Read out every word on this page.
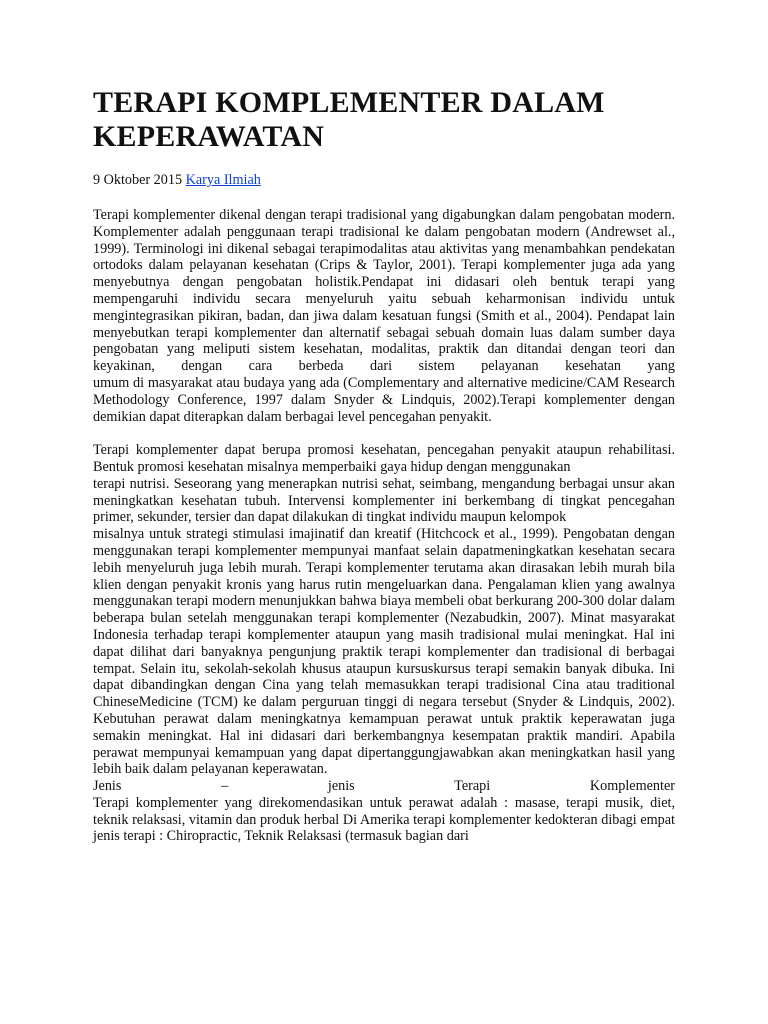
TERAPI KOMPLEMENTER DALAM KEPERAWATAN
9 Oktober 2015 Karya Ilmiah

Terapi komplementer dikenal dengan terapi tradisional yang digabungkan dalam pengobatan modern. Komplementer adalah penggunaan terapi tradisional ke dalam pengobatan modern (Andrewset al., 1999). Terminologi ini dikenal sebagai terapimodalitas atau aktivitas yang menambahkan pendekatan ortodoks dalam pelayanan kesehatan (Crips & Taylor, 2001). Terapi komplementer juga ada yang menyebutnya dengan pengobatan holistik.Pendapat ini didasari oleh bentuk terapi yang mempengaruhi individu secara menyeluruh yaitu sebuah keharmonisan individu untuk mengintegrasikan pikiran, badan, dan jiwa dalam kesatuan fungsi (Smith et al., 2004). Pendapat lain menyebutkan terapi komplementer dan alternatif sebagai sebuah domain luas dalam sumber daya pengobatan yang meliputi sistem kesehatan, modalitas, praktik dan ditandai dengan teori dan keyakinan, dengan cara berbeda dari sistem pelayanan kesehatan yang

umum di masyarakat atau budaya yang ada (Complementary and alternative medicine/CAM Research Methodology Conference, 1997 dalam Snyder & Lindquis, 2002).Terapi komplementer dengan demikian dapat diterapkan dalam berbagai level pencegahan penyakit.

Terapi komplementer dapat berupa promosi kesehatan, pencegahan penyakit ataupun rehabilitasi. Bentuk promosi kesehatan misalnya memperbaiki gaya hidup dengan menggunakan

terapi nutrisi. Seseorang yang menerapkan nutrisi sehat, seimbang, mengandung berbagai unsur akan meningkatkan kesehatan tubuh. Intervensi komplementer ini berkembang di tingkat pencegahan primer, sekunder, tersier dan dapat dilakukan di tingkat individu maupun kelompok

misalnya untuk strategi stimulasi imajinatif dan kreatif (Hitchcock et al., 1999). Pengobatan dengan menggunakan terapi komplementer mempunyai manfaat selain dapatmeningkatkan kesehatan secara lebih menyeluruh juga lebih murah. Terapi komplementer terutama akan dirasakan lebih murah bila klien dengan penyakit kronis yang harus rutin mengeluarkan dana. Pengalaman klien yang awalnya menggunakan terapi modern menunjukkan bahwa biaya membeli obat berkurang 200-300 dolar dalam beberapa bulan setelah menggunakan terapi komplementer (Nezabudkin, 2007). Minat masyarakat Indonesia terhadap terapi komplementer ataupun yang masih tradisional mulai meningkat. Hal ini dapat dilihat dari banyaknya pengunjung praktik terapi komplementer dan tradisional di berbagai tempat. Selain itu, sekolah-sekolah khusus ataupun kursuskursus terapi semakin banyak dibuka. Ini dapat dibandingkan dengan Cina yang telah memasukkan terapi tradisional Cina atau traditional ChineseMedicine (TCM) ke dalam perguruan tinggi di negara tersebut (Snyder & Lindquis, 2002). Kebutuhan perawat dalam meningkatnya kemampuan perawat untuk praktik keperawatan juga semakin meningkat. Hal ini didasari dari berkembangnya kesempatan praktik mandiri. Apabila perawat mempunyai kemampuan yang dapat dipertanggungjawabkan akan meningkatkan hasil yang lebih baik dalam pelayanan keperawatan.

Jenis – jenis Terapi Komplementer

Terapi komplementer yang direkomendasikan untuk perawat adalah : masase, terapi musik, diet, teknik relaksasi, vitamin dan produk herbal Di Amerika terapi komplementer kedokteran dibagi empat jenis terapi : Chiropractic, Teknik Relaksasi (termasuk bagian dari
